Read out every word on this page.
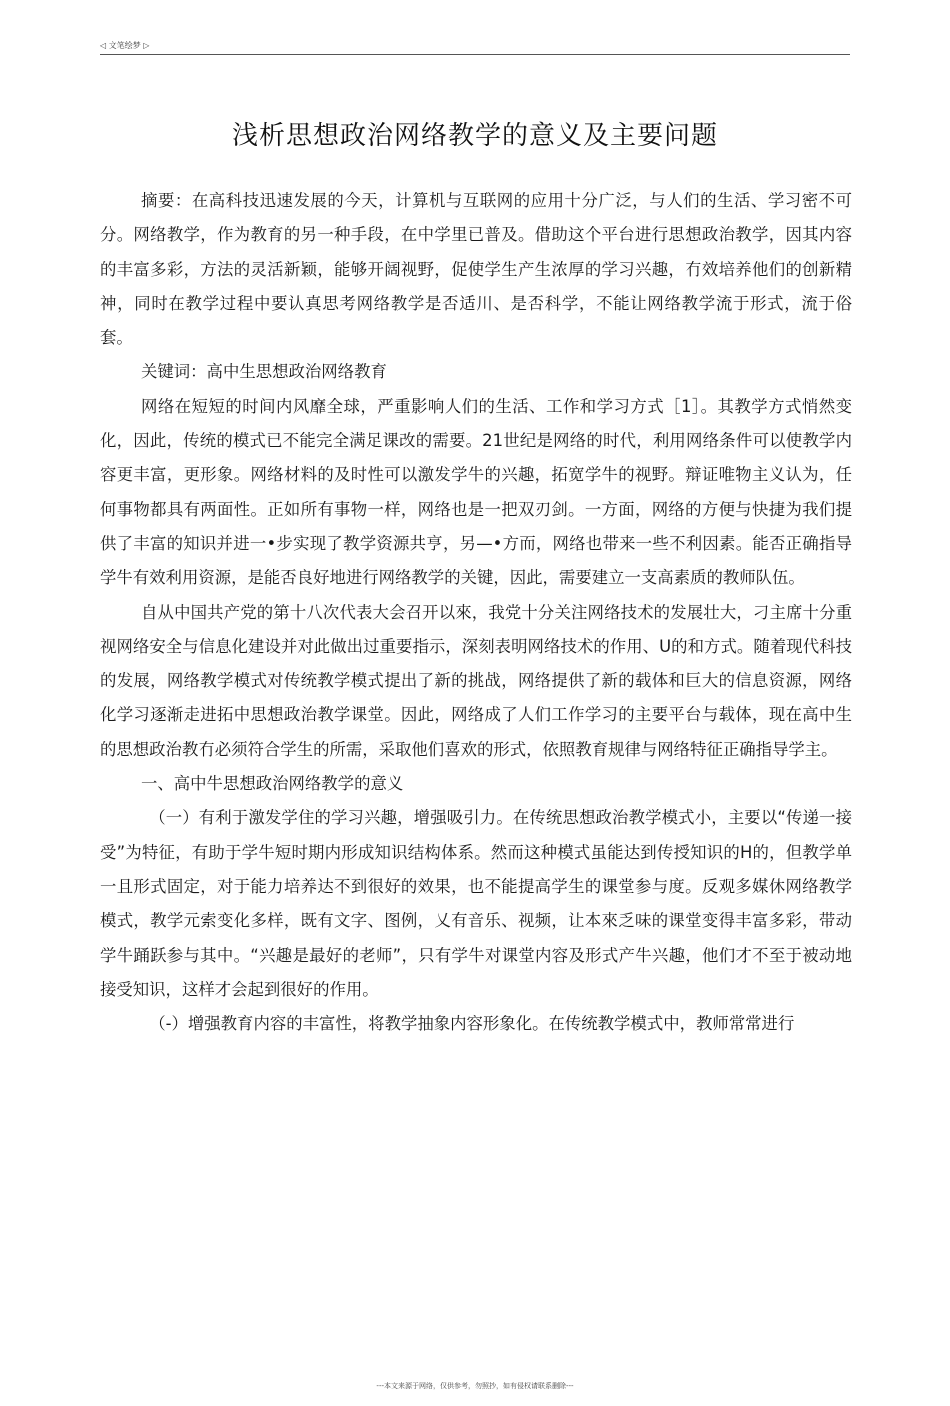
◁ 文笔绘梦 ▷
浅析思想政治网络教学的意义及主要问题

摘要：在高科技迅速发展的今天，计算机与互联网的应用十分广泛，与人们的生活、学习密不可分。网络教学，作为教育的另一种手段，在中学里已普及。借助这个平台进行思想政治教学，因其内容的丰富多彩，方法的灵活新颖，能够开阔视野，促使学生产生浓厚的学习兴趣，冇效培养他们的创新精神，同时在教学过程中要认真思考网络教学是否适川、是否科学，不能让网络教学流于形式，流于俗套。

关键词：高中生思想政治网络教育

网络在短短的时间内风靡全球，严重影响人们的生活、工作和学习方式［1］。其教学方式悄然变化，因此，传统的模式已不能完全满足课改的需要。21世纪是网络的时代，利用网络条件可以使教学内容更丰富，更形象。网络材料的及时性可以激发学牛的兴趣，拓宽学牛的视野。辩证唯物主义认为，任何事物都具有两面性。正如所有事物一样，网络也是一把双刃剑。一方面，网络的方便与快捷为我们提供了丰富的知识并进一•步实现了教学资源共亨，另—•方而，网络也带来一些不利因素。能否正确指导学牛有效利用资源，是能否良好地进行网络教学的关键，因此，需要建立一支高素质的教师队伍。

自从中国共产党的第十八次代表大会召开以來，我党十分关注网络技术的发展壮大，刁主席十分重视网络安全与信息化建设并对此做出过重要指示，深刻表明网络技术的作用、U的和方式。随着现代科技的发展，网络教学模式对传统教学模式提出了新的挑战，网络提供了新的载体和巨大的信息资源，网络化学习逐渐走进拓中思想政治教学课堂。因此，网络成了人们工作学习的主要平台与载体，现在高中生的思想政治教冇必须符合学生的所需，采取他们喜欢的形式，依照教育规律与网络特征正确指导学主。

一、高中牛思想政治网络教学的意义

（一）有利于激发学住的学习兴趣，增强吸引力。在传统思想政治教学模式小，主要以“传递一接受”为特征，有助于学牛短时期内形成知识结构体系。然而这种模式虽能达到传授知识的H的，但教学单一且形式固定，对于能力培养达不到很好的效果，也不能提高学生的课堂参与度。反观多媒休网络教学模式，教学元索变化多样，既有文字、图例，乂有音乐、视频，让本來乏味的课堂变得丰富多彩，带动学牛踊跃参与其中。“兴趣是最好的老师”，只有学牛对课堂内容及形式产牛兴趣，他们才不至于被动地接受知识，这样才会起到很好的作用。

（-）增强教育内容的丰富性，将教学抽象内容形象化。在传统教学模式中，教师常常进行

---本文来源于网络，仅供参考，勿照抄，如有侵权请联系删除---
